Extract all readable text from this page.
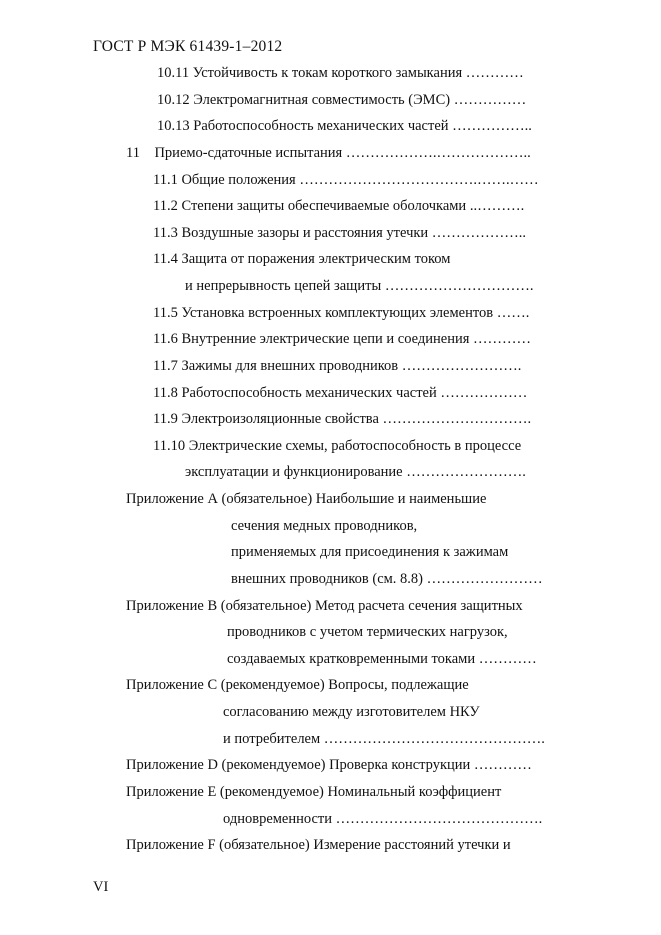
ГОСТ Р МЭК 61439-1–2012
10.11 Устойчивость к токам короткого замыкания …………
10.12 Электромагнитная совместимость (ЭМС) ……………
10.13 Работоспособность механических частей ……………..
11    Приемо-сдаточные испытания ……………….………………..
11.1 Общие положения ……………………………….…….……
11.2 Степени защиты обеспечиваемые оболочками ..……….
11.3 Воздушные зазоры и расстояния утечки ………………..
11.4 Защита от поражения электрическим током
и непрерывность цепей защиты ………………………….
11.5 Установка встроенных комплектующих элементов …….
11.6 Внутренние электрические цепи и соединения …………
11.7 Зажимы для внешних проводников …………………….
11.8 Работоспособность механических частей ………………
11.9 Электроизоляционные свойства ………………………….
11.10 Электрические схемы, работоспособность в процессе
эксплуатации и функционирование …………………….
Приложение А (обязательное) Наибольшие и наименьшие
сечения медных проводников,
применяемых для присоединения к зажимам
внешних проводников (см. 8.8) ……………………
Приложение В (обязательное) Метод расчета сечения защитных
проводников с учетом термических нагрузок,
создаваемых кратковременными токами …………
Приложение С (рекомендуемое) Вопросы, подлежащие
согласованию между изготовителем НКУ
и потребителем ……………………………………….
Приложение D (рекомендуемое) Проверка конструкции …………
Приложение Е (рекомендуемое) Номинальный коэффициент
одновременности …………………………………….
Приложение F (обязательное) Измерение расстояний утечки и
VI
